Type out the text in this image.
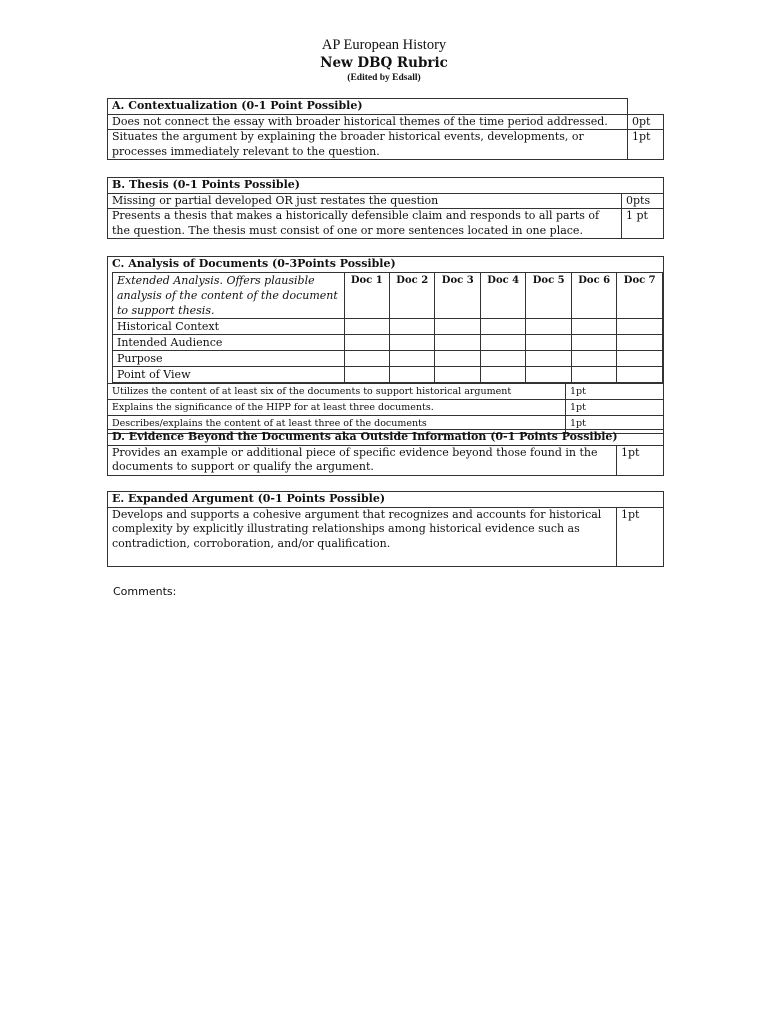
AP European History
New DBQ Rubric
(Edited by Edsall)
A. Contextualization (0-1 Point Possible)	
Does not connect the essay with broader historical themes of the time period addressed.	0pt
Situates the argument by explaining the broader historical events, developments, or processes immediately relevant to the question.	1pt
B. Thesis (0-1 Points Possible)	
Missing or partial developed OR just restates the question	0pts
Presents a thesis that makes a historically defensible claim and responds to all parts of the question. The thesis must consist of one or more sentences located in one place.	1 pt
C. Analysis of Documents (0-3Points Possible)

Extended Analysis. Offers plausible analysis of the content of the document to support thesis.	Doc 1	Doc 2	Doc 3	Doc 4	Doc 5	Doc 6	Doc 7
Historical Context							
Intended Audience							
Purpose							
Point of View							

Utilizes the content of at least six of the documents to support historical argument	1pt
Explains the significance of the HIPP for at least three documents.	1pt
Describes/explains the content of at least three of the documents	1pt
D. Evidence Beyond the Documents aka Outside Information (0-1 Points Possible)
Provides an example or additional piece of specific evidence beyond those found in the documents to support or qualify the argument.	1pt
E. Expanded Argument (0-1 Points Possible)
Develops and supports a cohesive argument that recognizes and accounts for historical complexity by explicitly illustrating relationships among historical evidence such as contradiction, corroboration, and/or qualification.	1pt
Comments:
